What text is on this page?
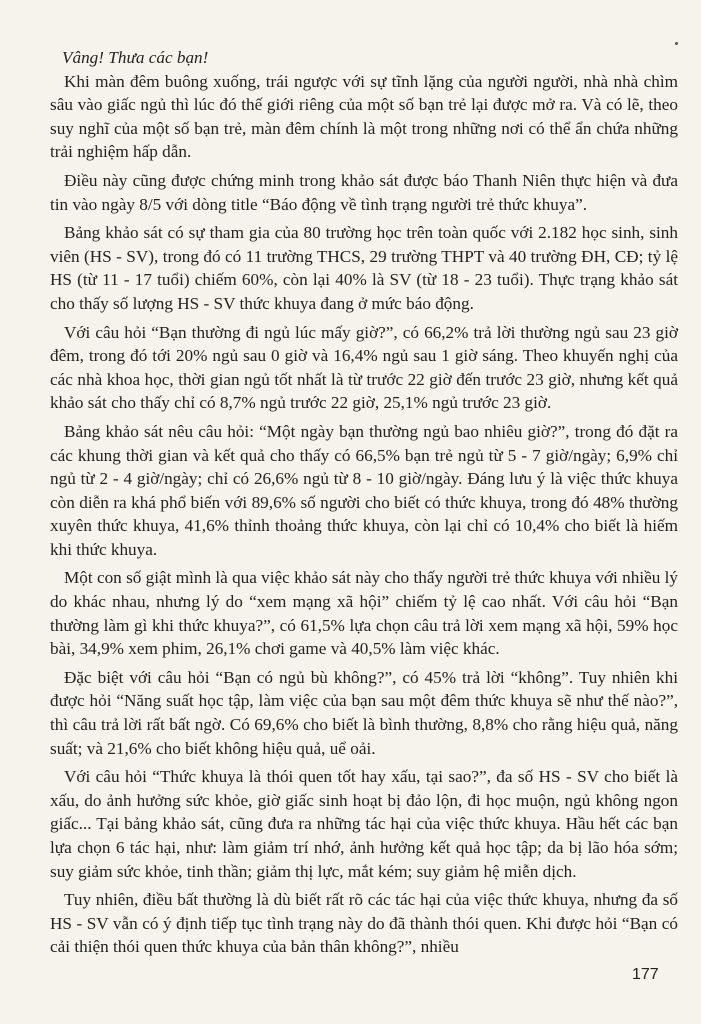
Vâng! Thưa các bạn!

Khi màn đêm buông xuống, trái ngược với sự tĩnh lặng của người người, nhà nhà chìm sâu vào giấc ngủ thì lúc đó thế giới riêng của một số bạn trẻ lại được mở ra. Và có lẽ, theo suy nghĩ của một số bạn trẻ, màn đêm chính là một trong những nơi có thể ẩn chứa những trải nghiệm hấp dẫn.

Điều này cũng được chứng minh trong khảo sát được báo Thanh Niên thực hiện và đưa tin vào ngày 8/5 với dòng title “Báo động về tình trạng người trẻ thức khuya”.

Bảng khảo sát có sự tham gia của 80 trường học trên toàn quốc với 2.182 học sinh, sinh viên (HS - SV), trong đó có 11 trường THCS, 29 trường THPT và 40 trường ĐH, CĐ; tỷ lệ HS (từ 11 - 17 tuổi) chiếm 60%, còn lại 40% là SV (từ 18 - 23 tuổi). Thực trạng khảo sát cho thấy số lượng HS - SV thức khuya đang ở mức báo động.

Với câu hỏi “Bạn thường đi ngủ lúc mấy giờ?”, có 66,2% trả lời thường ngủ sau 23 giờ đêm, trong đó tới 20% ngủ sau 0 giờ và 16,4% ngủ sau 1 giờ sáng. Theo khuyến nghị của các nhà khoa học, thời gian ngủ tốt nhất là từ trước 22 giờ đến trước 23 giờ, nhưng kết quả khảo sát cho thấy chỉ có 8,7% ngủ trước 22 giờ, 25,1% ngủ trước 23 giờ.

Bảng khảo sát nêu câu hỏi: “Một ngày bạn thường ngủ bao nhiêu giờ?”, trong đó đặt ra các khung thời gian và kết quả cho thấy có 66,5% bạn trẻ ngủ từ 5 - 7 giờ/ngày; 6,9% chỉ ngủ từ 2 - 4 giờ/ngày; chỉ có 26,6% ngủ từ 8 - 10 giờ/ngày. Đáng lưu ý là việc thức khuya còn diễn ra khá phổ biến với 89,6% số người cho biết có thức khuya, trong đó 48% thường xuyên thức khuya, 41,6% thỉnh thoảng thức khuya, còn lại chỉ có 10,4% cho biết là hiếm khi thức khuya.

Một con số giật mình là qua việc khảo sát này cho thấy người trẻ thức khuya với nhiều lý do khác nhau, nhưng lý do “xem mạng xã hội” chiếm tỷ lệ cao nhất. Với câu hỏi “Bạn thường làm gì khi thức khuya?”, có 61,5% lựa chọn câu trả lời xem mạng xã hội, 59% học bài, 34,9% xem phim, 26,1% chơi game và 40,5% làm việc khác.

Đặc biệt với câu hỏi “Bạn có ngủ bù không?”, có 45% trả lời “không”. Tuy nhiên khi được hỏi “Năng suất học tập, làm việc của bạn sau một đêm thức khuya sẽ như thế nào?”, thì câu trả lời rất bất ngờ. Có 69,6% cho biết là bình thường, 8,8% cho rằng hiệu quả, năng suất; và 21,6% cho biết không hiệu quả, uể oải.

Với câu hỏi “Thức khuya là thói quen tốt hay xấu, tại sao?”, đa số HS - SV cho biết là xấu, do ảnh hưởng sức khỏe, giờ giấc sinh hoạt bị đảo lộn, đi học muộn, ngủ không ngon giấc... Tại bảng khảo sát, cũng đưa ra những tác hại của việc thức khuya. Hầu hết các bạn lựa chọn 6 tác hại, như: làm giảm trí nhớ, ảnh hưởng kết quả học tập; da bị lão hóa sớm; suy giảm sức khỏe, tinh thần; giảm thị lực, mắt kém; suy giảm hệ miễn dịch.

Tuy nhiên, điều bất thường là dù biết rất rõ các tác hại của việc thức khuya, nhưng đa số HS - SV vẫn có ý định tiếp tục tình trạng này do đã thành thói quen. Khi được hỏi “Bạn có cải thiện thói quen thức khuya của bản thân không?”, nhiều

177
